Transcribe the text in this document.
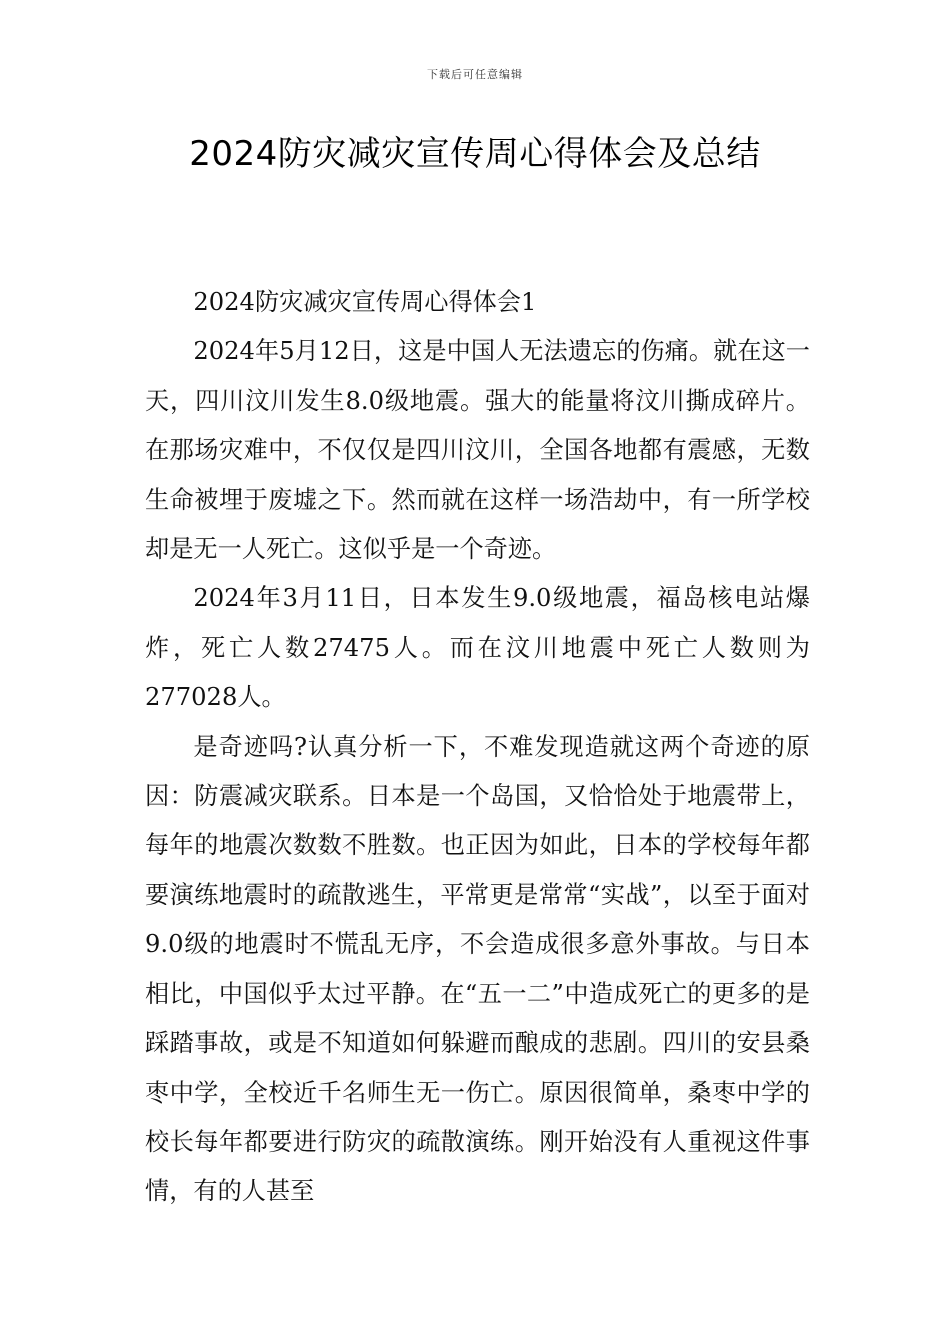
下载后可任意编辑
2024防灾减灾宣传周心得体会及总结

2024防灾减灾宣传周心得体会1

2024年5月12日，这是中国人无法遗忘的伤痛。就在这一天，四川汶川发生8.0级地震。强大的能量将汶川撕成碎片。在那场灾难中，不仅仅是四川汶川，全国各地都有震感，无数生命被埋于废墟之下。然而就在这样一场浩劫中，有一所学校却是无一人死亡。这似乎是一个奇迹。

2024年3月11日，日本发生9.0级地震，福岛核电站爆炸，死亡人数27475人。而在汶川地震中死亡人数则为277028人。

是奇迹吗?认真分析一下，不难发现造就这两个奇迹的原因：防震减灾联系。日本是一个岛国，又恰恰处于地震带上，每年的地震次数数不胜数。也正因为如此，日本的学校每年都要演练地震时的疏散逃生，平常更是常常“实战”，以至于面对9.0级的地震时不慌乱无序，不会造成很多意外事故。与日本相比，中国似乎太过平静。在“五一二”中造成死亡的更多的是踩踏事故，或是不知道如何躲避而酿成的悲剧。四川的安县桑枣中学，全校近千名师生无一伤亡。原因很简单，桑枣中学的校长每年都要进行防灾的疏散演练。刚开始没有人重视这件事情，有的人甚至
